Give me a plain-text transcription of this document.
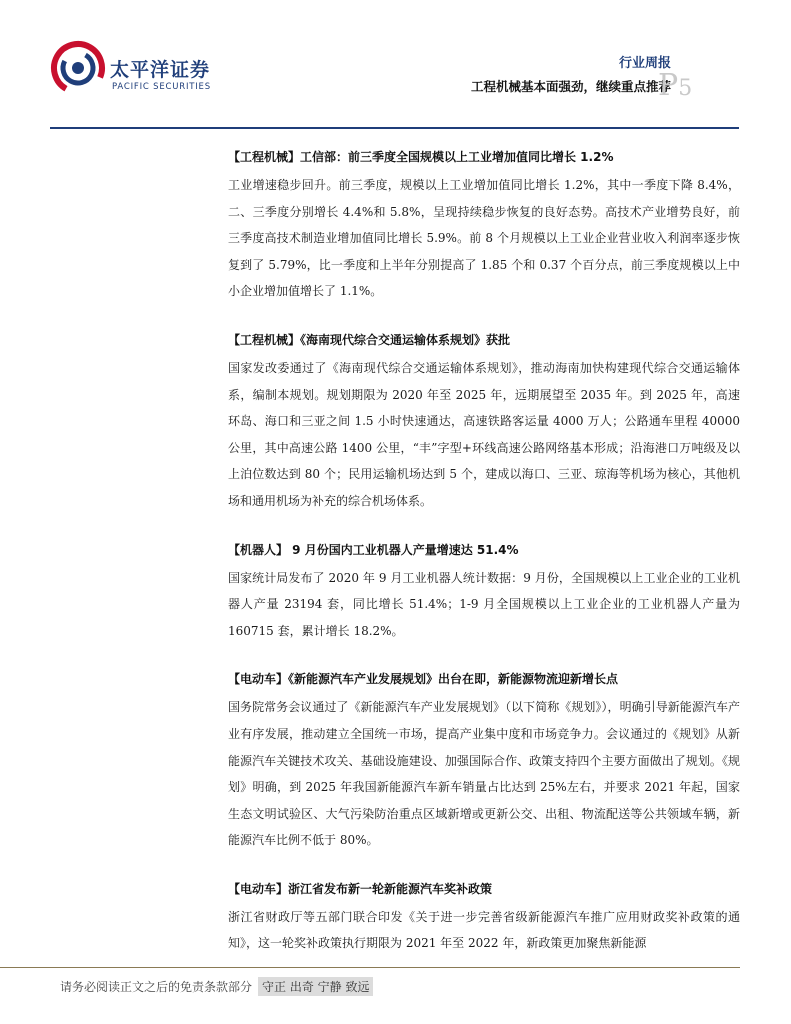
太平洋证券
PACIFIC SECURITIES
行业周报
工程机械基本面强劲，继续重点推荐
P5

【工程机械】工信部：前三季度全国规模以上工业增加值同比增长 1.2%

工业增速稳步回升。前三季度，规模以上工业增加值同比增长 1.2%，其中一季度下降 8.4%，二、三季度分别增长 4.4%和 5.8%，呈现持续稳步恢复的良好态势。高技术产业增势良好，前三季度高技术制造业增加值同比增长 5.9%。前 8 个月规模以上工业企业营业收入利润率逐步恢复到了 5.79%，比一季度和上半年分别提高了 1.85 个和 0.37 个百分点，前三季度规模以上中小企业增加值增长了 1.1%。

【工程机械】《海南现代综合交通运输体系规划》获批

国家发改委通过了《海南现代综合交通运输体系规划》，推动海南加快构建现代综合交通运输体系，编制本规划。规划期限为 2020 年至 2025 年，远期展望至 2035 年。到 2025 年，高速环岛、海口和三亚之间 1.5 小时快速通达，高速铁路客运量 4000 万人；公路通车里程 40000 公里，其中高速公路 1400 公里，“丰”字型+环线高速公路网络基本形成；沿海港口万吨级及以上泊位数达到 80 个；民用运输机场达到 5 个，建成以海口、三亚、琼海等机场为核心，其他机场和通用机场为补充的综合机场体系。

【机器人】 9 月份国内工业机器人产量增速达 51.4%

国家统计局发布了 2020 年 9 月工业机器人统计数据：9 月份，全国规模以上工业企业的工业机器人产量 23194 套，同比增长 51.4%；1-9 月全国规模以上工业企业的工业机器人产量为 160715 套，累计增长 18.2%。

【电动车】《新能源汽车产业发展规划》出台在即，新能源物流迎新增长点

国务院常务会议通过了《新能源汽车产业发展规划》（以下简称《规划》），明确引导新能源汽车产业有序发展，推动建立全国统一市场，提高产业集中度和市场竞争力。会议通过的《规划》从新能源汽车关键技术攻关、基础设施建设、加强国际合作、政策支持四个主要方面做出了规划。《规划》明确，到 2025 年我国新能源汽车新车销量占比达到 25%左右，并要求 2021 年起，国家生态文明试验区、大气污染防治重点区域新增或更新公交、出租、物流配送等公共领域车辆，新能源汽车比例不低于 80%。

【电动车】浙江省发布新一轮新能源汽车奖补政策

浙江省财政厅等五部门联合印发《关于进一步完善省级新能源汽车推广应用财政奖补政策的通知》，这一轮奖补政策执行期限为 2021 年至 2022 年，新政策更加聚焦新能源

请务必阅读正文之后的免责条款部分 守正 出奇 宁静 致远
